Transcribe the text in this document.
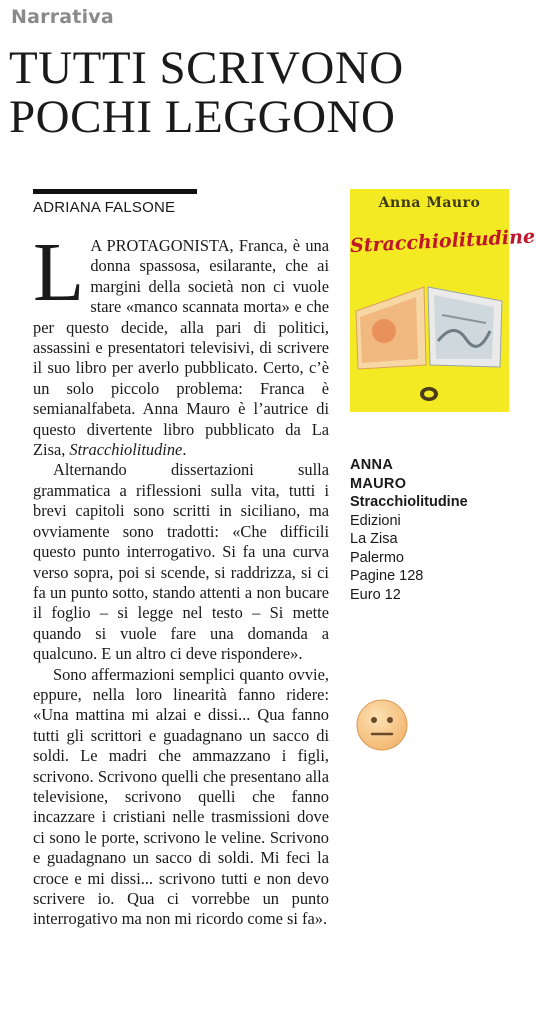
Narrativa
TUTTI SCRIVONO
POCHI LEGGONO
ADRIANA FALSONE

L A PROTAGONISTA, Franca, è una donna spassosa, esilarante, che ai margini della società non ci vuole stare «manco scannata morta» e che per questo decide, alla pari di politici, assassini e presentatori televisivi, di scrivere il suo libro per averlo pubblicato. Certo, c’è un solo piccolo problema: Franca è semianalfabeta. Anna Mauro è l’autrice di questo divertente libro pubblicato da La Zisa, Stracchiolitudine.

Alternando dissertazioni sulla grammatica a riflessioni sulla vita, tutti i brevi capitoli sono scritti in siciliano, ma ovviamente sono tradotti: «Che difficili questo punto interrogativo. Si fa una curva verso sopra, poi si scende, si raddrizza, si ci fa un punto sotto, stando attenti a non bucare il foglio – si legge nel testo – Si mette quando si vuole fare una domanda a qualcuno. E un altro ci deve rispondere».

Sono affermazioni semplici quanto ovvie, eppure, nella loro linearità fanno ridere: «Una mattina mi alzai e dissi... Qua fanno tutti gli scrittori e guadagnano un sacco di soldi. Le madri che ammazzano i figli, scrivono. Scrivono quelli che presentano alla televisione, scrivono quelli che fanno incazzare i cristiani nelle trasmissioni dove ci sono le porte, scrivono le veline. Scrivono e guadagnano un sacco di soldi. Mi feci la croce e mi dissi... scrivono tutti e non devo scrivere io. Qua ci vorrebbe un punto interrogativo ma non mi ricordo come si fa».

Anna Mauro
Stracchiolitudine
ANNA
MAURO
Stracchiolitudine
Edizioni
La Zisa
Palermo
Pagine 128
Euro 12
